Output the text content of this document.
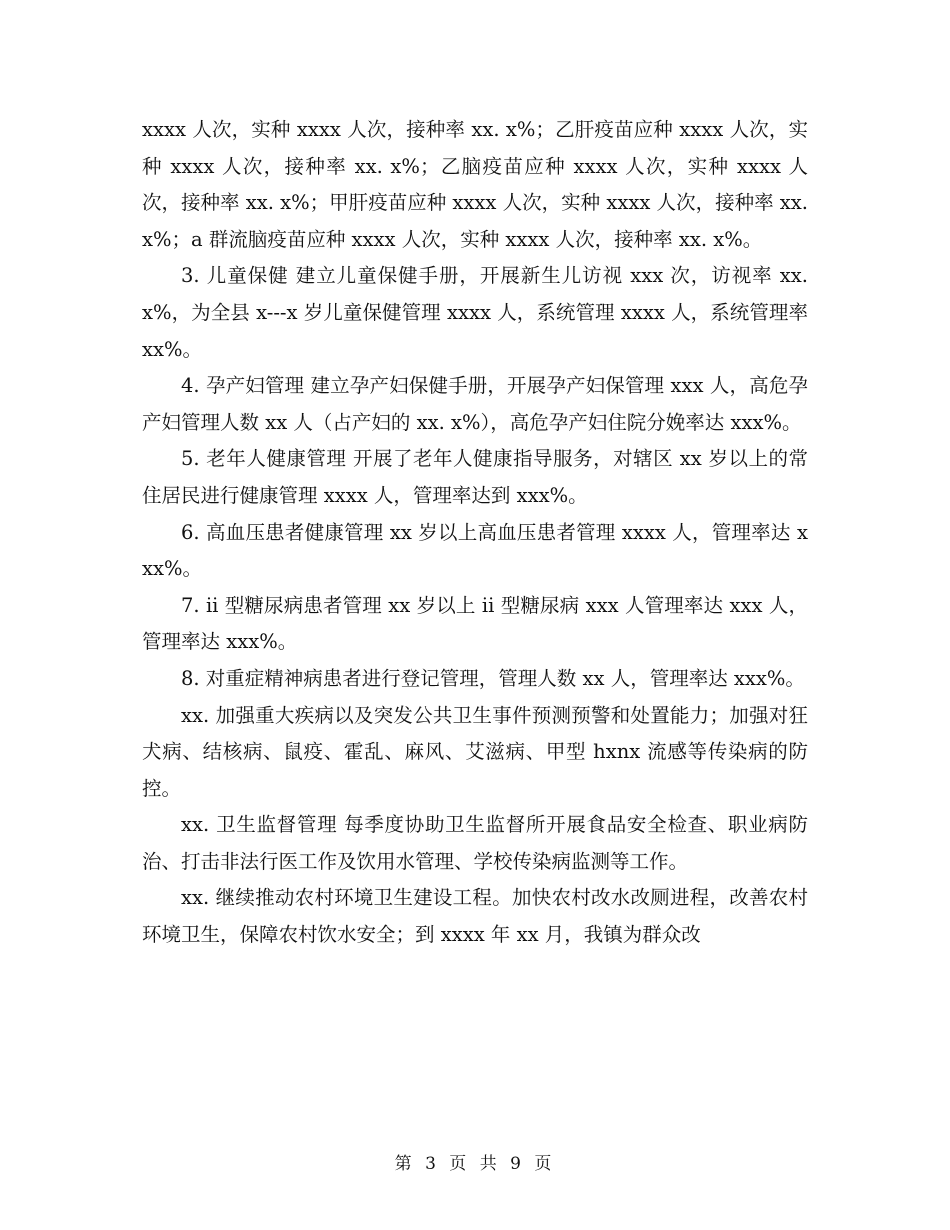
xxxx 人次，实种 xxxx 人次，接种率 xx. x%；乙肝疫苗应种 xxxx 人次，实种 xxxx 人次，接种率 xx. x%；乙脑疫苗应种 xxxx 人次，实种 xxxx 人次，接种率 xx. x%；甲肝疫苗应种 xxxx 人次，实种 xxxx 人次，接种率 xx. x%；a 群流脑疫苗应种 xxxx 人次，实种 xxxx 人次，接种率 xx. x%。

3. 儿童保健 建立儿童保健手册，开展新生儿访视 xxx 次，访视率 xx. x%，为全县 x---x 岁儿童保健管理 xxxx 人，系统管理 xxxx 人，系统管理率 xx%。

4. 孕产妇管理 建立孕产妇保健手册，开展孕产妇保管理 xxx 人，高危孕产妇管理人数 xx 人（占产妇的 xx. x%），高危孕产妇住院分娩率达 xxx%。

5. 老年人健康管理 开展了老年人健康指导服务，对辖区 xx 岁以上的常住居民进行健康管理 xxxx 人，管理率达到 xxx%。

6. 高血压患者健康管理 xx 岁以上高血压患者管理 xxxx 人，管理率达 xxx%。

7. ii 型糖尿病患者管理 xx 岁以上 ii 型糖尿病 xxx 人管理率达 xxx 人，管理率达 xxx%。

8. 对重症精神病患者进行登记管理，管理人数 xx 人，管理率达 xxx%。

xx. 加强重大疾病以及突发公共卫生事件预测预警和处置能力；加强对狂犬病、结核病、鼠疫、霍乱、麻风、艾滋病、甲型 hxnx 流感等传染病的防控。

xx. 卫生监督管理 每季度协助卫生监督所开展食品安全检查、职业病防治、打击非法行医工作及饮用水管理、学校传染病监测等工作。

xx. 继续推动农村环境卫生建设工程。加快农村改水改厕进程，改善农村环境卫生，保障农村饮水安全；到 xxxx 年 xx 月，我镇为群众改

第 3 页 共 9 页
